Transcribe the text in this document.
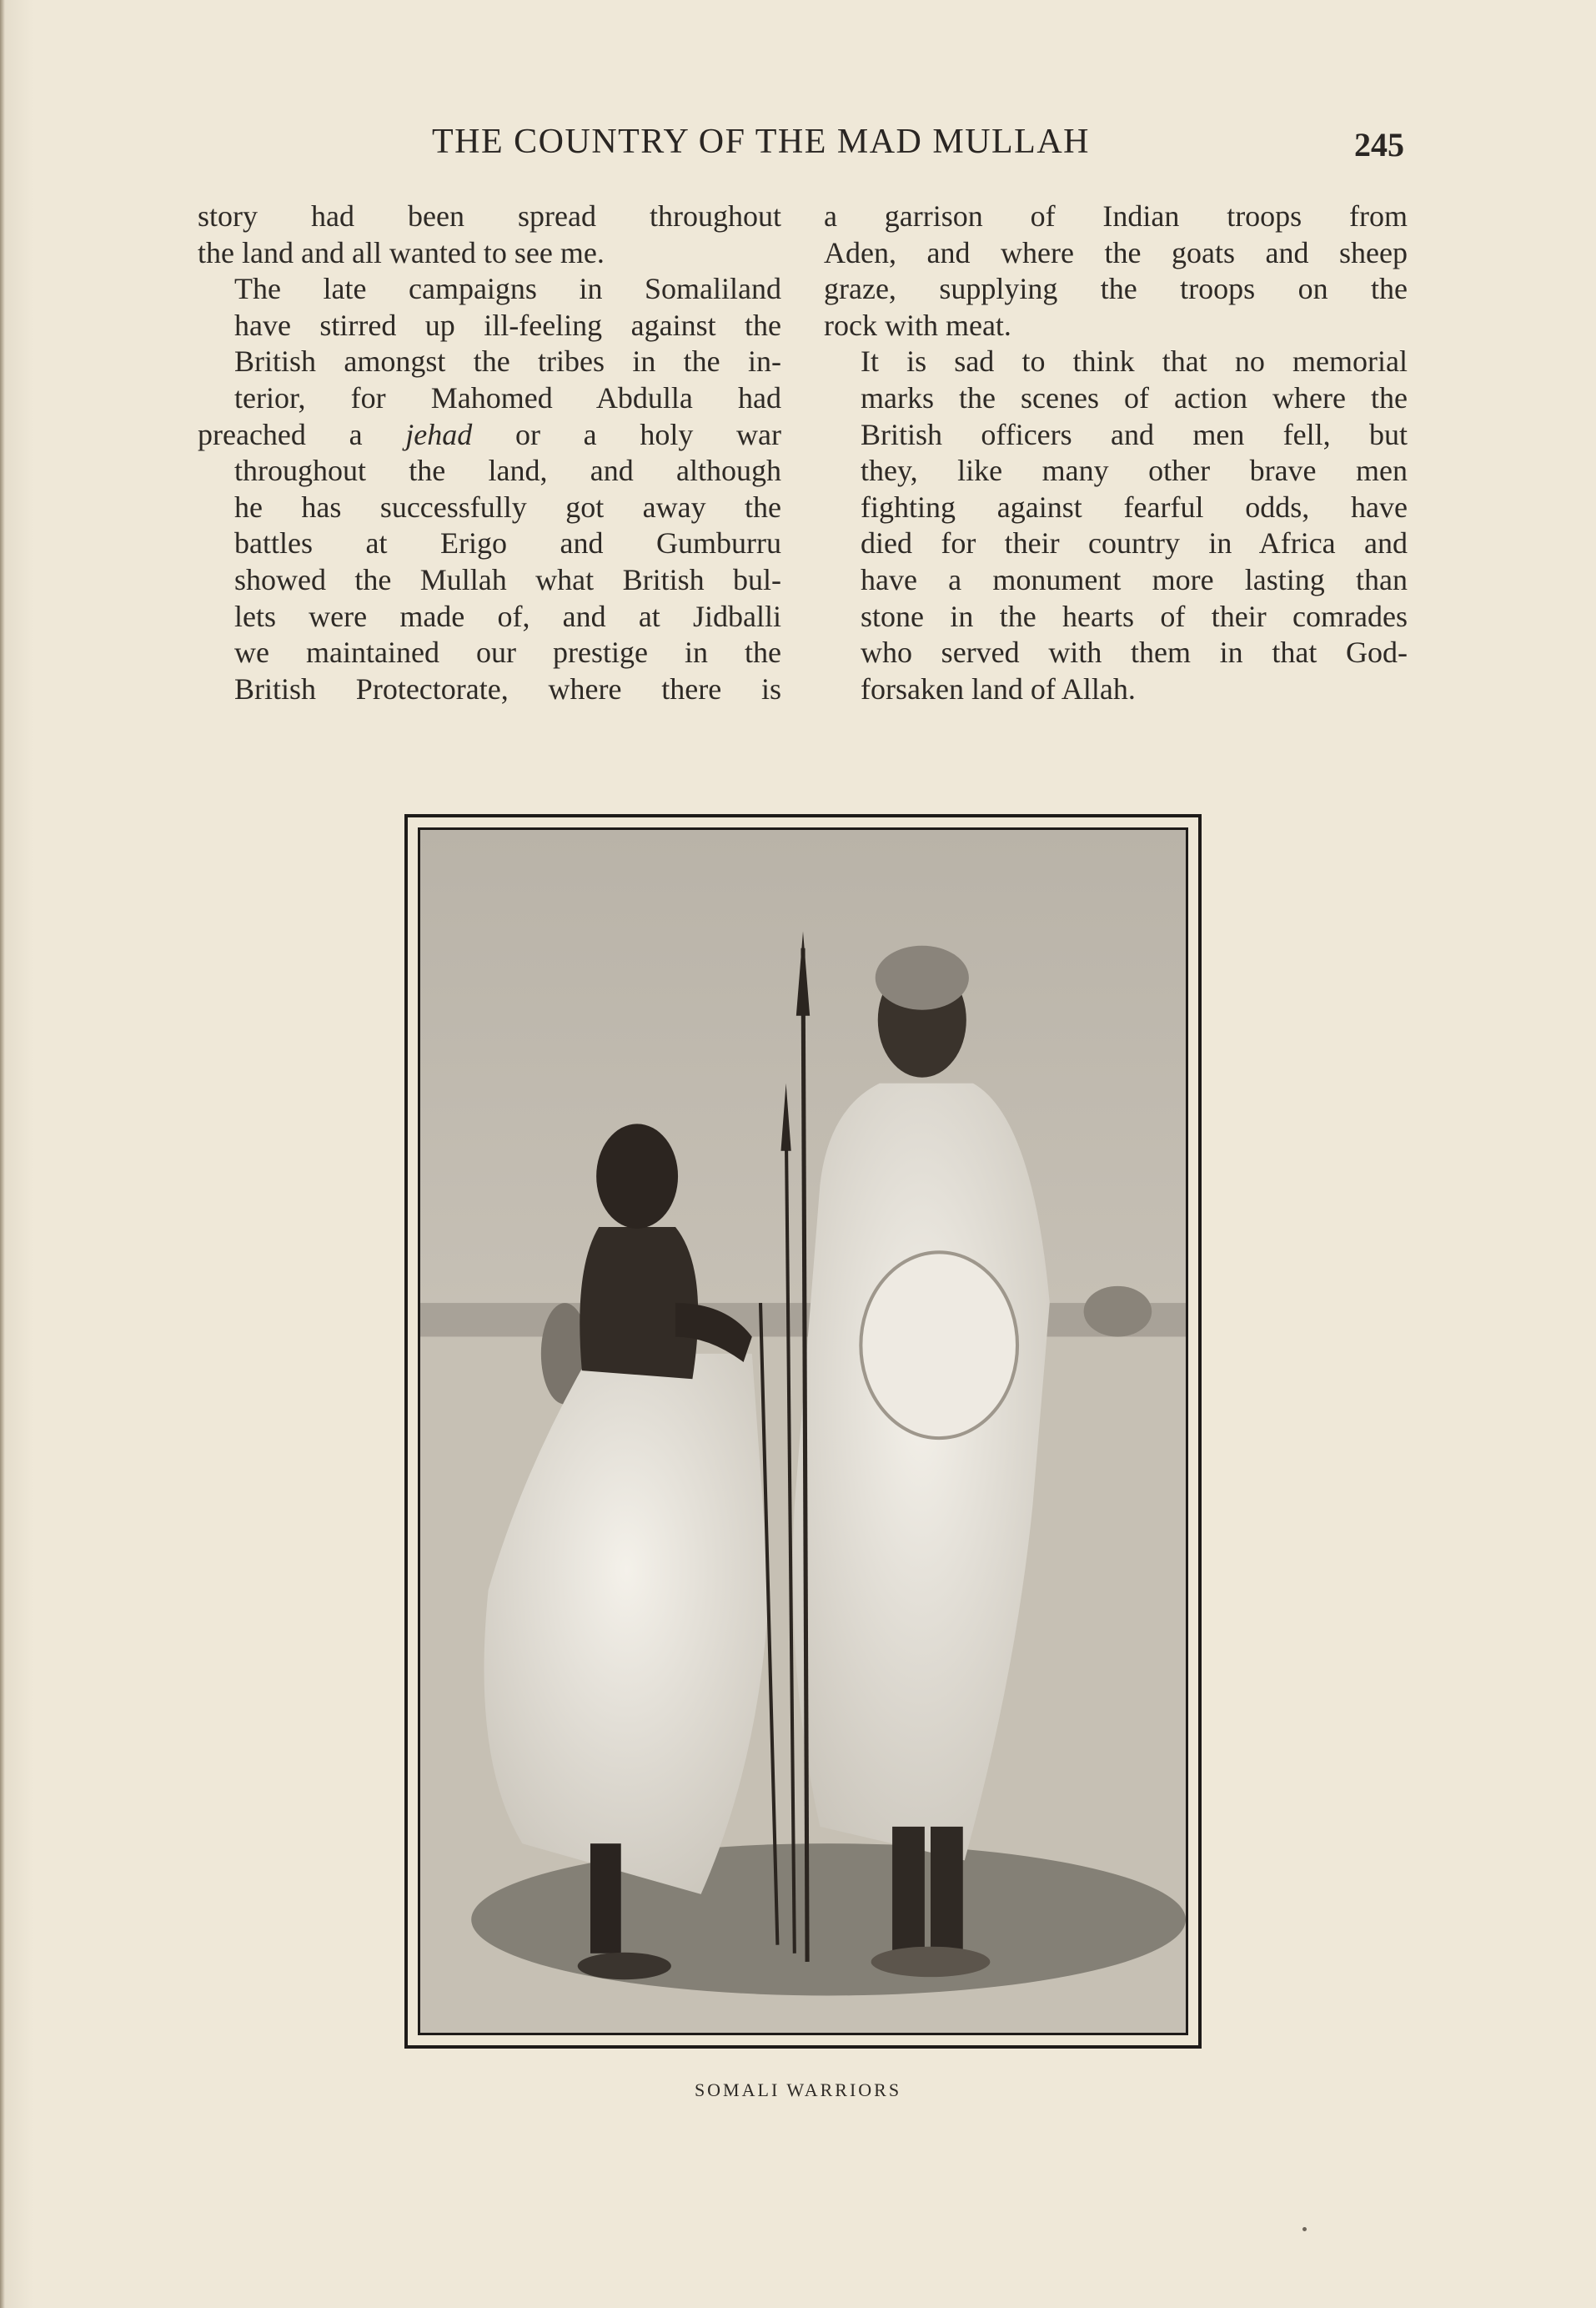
THE COUNTRY OF THE MAD MULLAH	245

story had been spread throughout
the land and all wanted to see me.

The late campaigns in Somaliland
have stirred up ill-feeling against the
British amongst the tribes in the in-
terior, for Mahomed Abdulla had
preached a jehad or a holy war
throughout the land, and although
he has successfully got away the
battles at Erigo and Gumburru
showed the Mullah what British bul-
lets were made of, and at Jidballi
we maintained our prestige in the
British Protectorate, where there is

a garrison of Indian troops from
Aden, and where the goats and sheep
graze, supplying the troops on the
rock with meat.

It is sad to think that no memorial
marks the scenes of action where the
British officers and men fell, but
they, like many other brave men
fighting against fearful odds, have
died for their country in Africa and
have a monument more lasting than
stone in the hearts of their comrades
who served with them in that God-
forsaken land of Allah.

SOMALI WARRIORS
